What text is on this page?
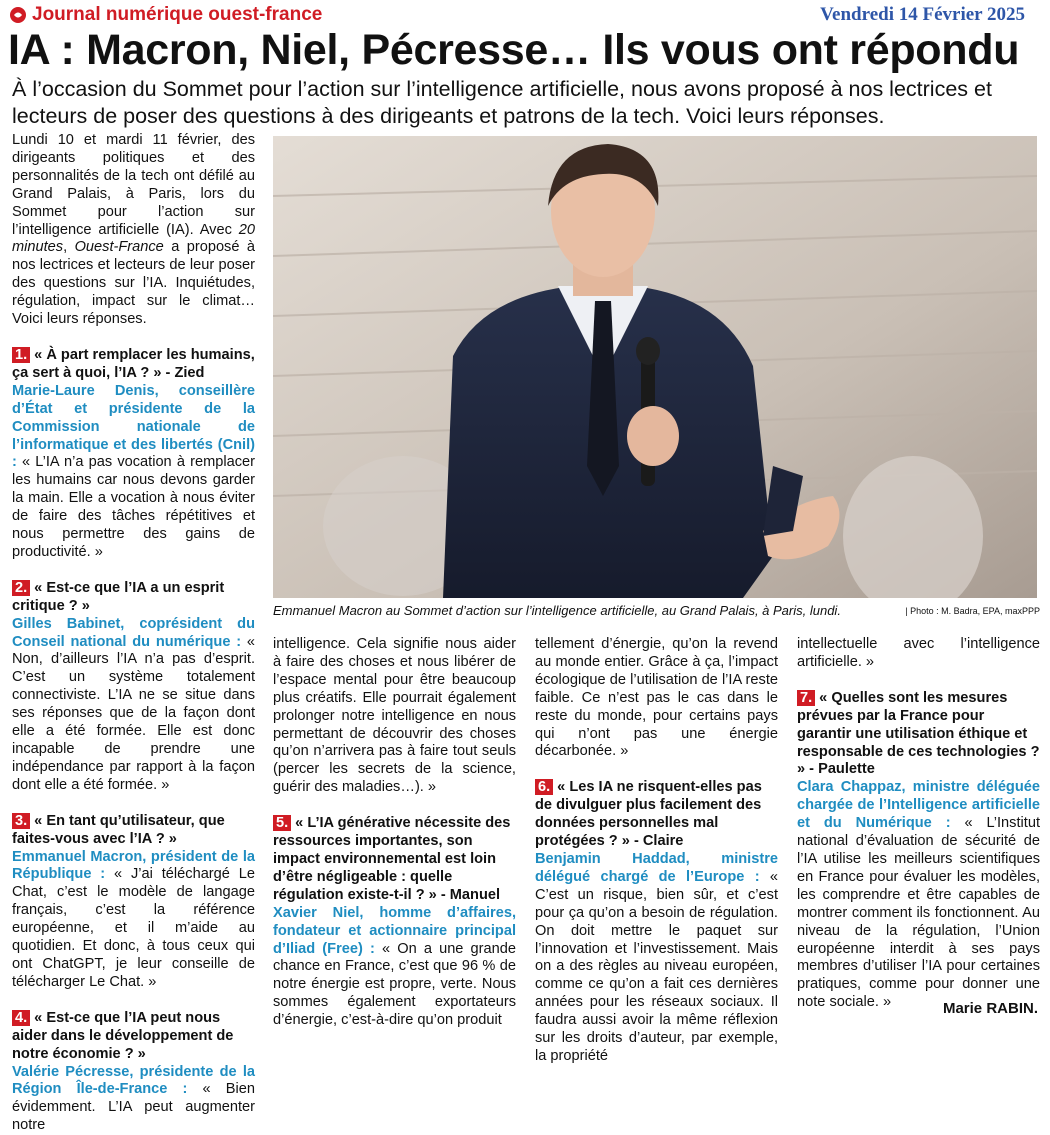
Journal numérique ouest-france	Vendredi 14 Février 2025
IA : Macron, Niel, Pécresse… Ils vous ont répondu
À l’occasion du Sommet pour l’action sur l’intelligence artificielle, nous avons proposé à nos lectrices et lecteurs de poser des questions à des dirigeants et patrons de la tech. Voici leurs réponses.

Lundi 10 et mardi 11 février, des dirigeants politiques et des personnalités de la tech ont défilé au Grand Palais, à Paris, lors du Sommet pour l’action sur l’intelligence artificielle (IA). Avec 20 minutes, Ouest-France a proposé à nos lectrices et lecteurs de leur poser des questions sur l’IA. Inquiétudes, régulation, impact sur le climat… Voici leurs réponses.

1. « À part remplacer les humains, ça sert à quoi, l’IA ? » - Zied

Marie-Laure Denis, conseillère d’État et présidente de la Commission nationale de l’informatique et des libertés (Cnil) : « L’IA n’a pas vocation à remplacer les humains car nous devons garder la main. Elle a vocation à nous éviter de faire des tâches répétitives et nous permettre des gains de productivité. »

2. « Est-ce que l’IA a un esprit critique ? »

Gilles Babinet, coprésident du Conseil national du numérique : « Non, d’ailleurs l’IA n’a pas d’esprit. C’est un système totalement connectiviste. L’IA ne se situe dans ses réponses que de la façon dont elle a été formée. Elle est donc incapable de prendre une indépendance par rapport à la façon dont elle a été formée. »

3. « En tant qu’utilisateur, que faites-vous avec l’IA ? »

Emmanuel Macron, président de la République : « J’ai téléchargé Le Chat, c’est le modèle de langage français, c’est la référence européenne, et il m’aide au quotidien. Et donc, à tous ceux qui ont ChatGPT, je leur conseille de télécharger Le Chat. »

4. « Est-ce que l’IA peut nous aider dans le développement de notre économie ? »

Valérie Pécresse, présidente de la Région Île-de-France : « Bien évidemment. L’IA peut augmenter notre

Emmanuel Macron au Sommet d’action sur l’intelligence artificielle, au Grand Palais, à Paris, lundi.	| Photo : M. Badra, EPA, maxPPP

intelligence. Cela signifie nous aider à faire des choses et nous libérer de l’espace mental pour être beaucoup plus créatifs. Elle pourrait également prolonger notre intelligence en nous permettant de découvrir des choses qu’on n’arrivera pas à faire tout seuls (percer les secrets de la science, guérir des maladies…). »

5. « L’IA générative nécessite des ressources importantes, son impact environnemental est loin d’être négligeable : quelle régulation existe-t-il ? » - Manuel

Xavier Niel, homme d’affaires, fondateur et actionnaire principal d’Iliad (Free) : « On a une grande chance en France, c’est que 96 % de notre énergie est propre, verte. Nous sommes également exportateurs d’énergie, c’est-à-dire qu’on produit

tellement d’énergie, qu’on la revend au monde entier. Grâce à ça, l’impact écologique de l’utilisation de l’IA reste faible. Ce n’est pas le cas dans le reste du monde, pour certains pays qui n’ont pas une énergie décarbonée. »

6. « Les IA ne risquent-elles pas de divulguer plus facilement des données personnelles mal protégées ? » - Claire

Benjamin Haddad, ministre délégué chargé de l’Europe : « C’est un risque, bien sûr, et c’est pour ça qu’on a besoin de régulation. On doit mettre le paquet sur l’innovation et l’investissement. Mais on a des règles au niveau européen, comme ce qu’on a fait ces dernières années pour les réseaux sociaux. Il faudra aussi avoir la même réflexion sur les droits d’auteur, par exemple, la propriété

intellectuelle avec l’intelligence artificielle. »

7. « Quelles sont les mesures prévues par la France pour garantir une utilisation éthique et responsable de ces technologies ? » - Paulette

Clara Chappaz, ministre déléguée chargée de l’Intelligence artificielle et du Numérique : « L’Institut national d’évaluation de sécurité de l’IA utilise les meilleurs scientifiques en France pour évaluer les modèles, les comprendre et être capables de montrer comment ils fonctionnent. Au niveau de la régulation, l’Union européenne interdit à ses pays membres d’utiliser l’IA pour certaines pratiques, comme pour donner une note sociale. »	Marie RABIN.
